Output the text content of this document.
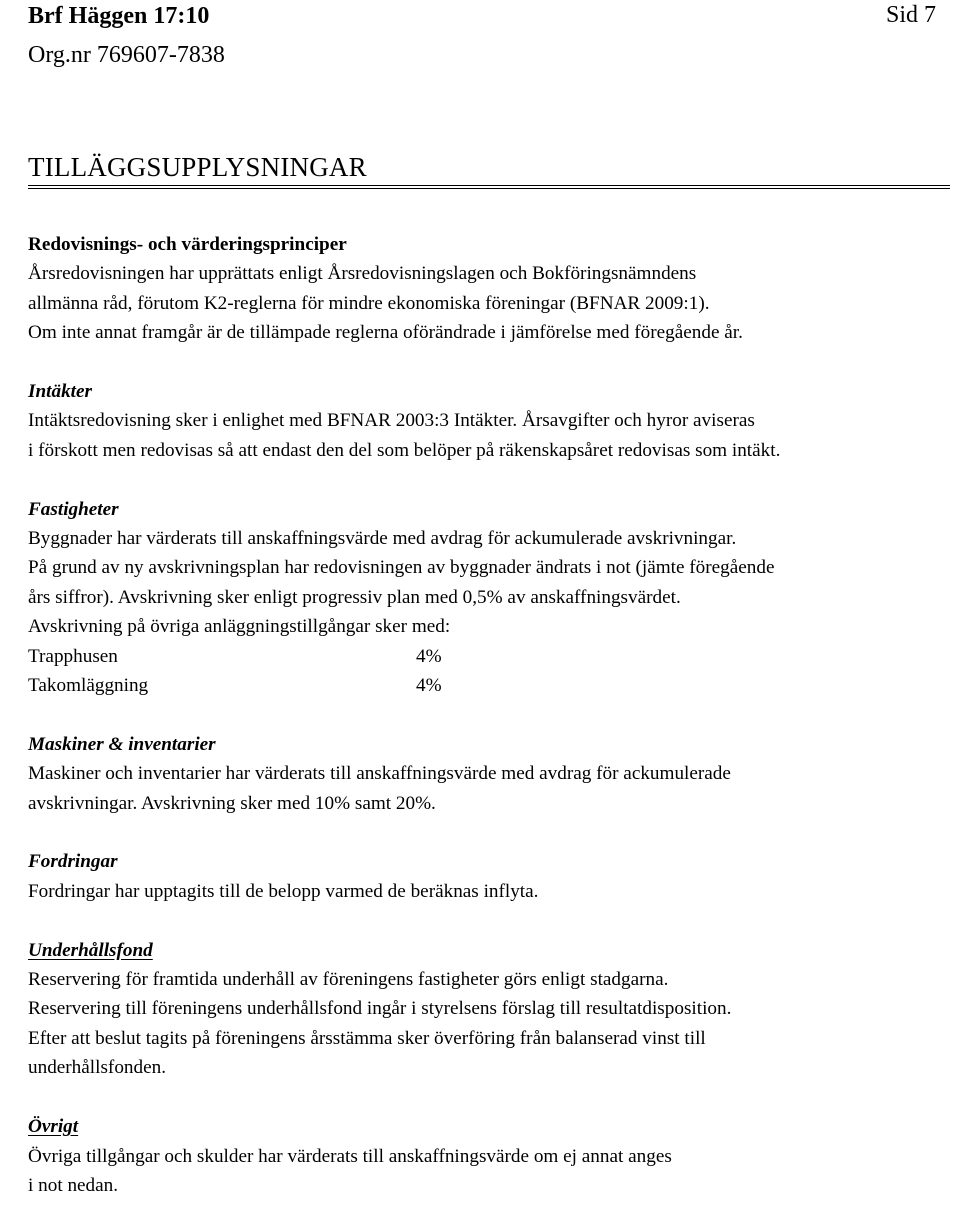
Brf Häggen 17:10
Org.nr 769607-7838
Sid 7
TILLÄGGSUPPLYSNINGAR

Redovisnings- och värderingsprinciper

Årsredovisningen har upprättats enligt Årsredovisningslagen och Bokföringsnämndens

allmänna råd, förutom K2-reglerna för mindre ekonomiska föreningar (BFNAR 2009:1).

Om inte annat framgår är de tillämpade reglerna oförändrade i jämförelse med föregående år.

Intäkter

Intäktsredovisning sker i enlighet med BFNAR 2003:3 Intäkter. Årsavgifter och hyror aviseras

i förskott men redovisas så att endast den del som belöper på räkenskapsåret redovisas som intäkt.

Fastigheter

Byggnader har värderats till anskaffningsvärde med avdrag för ackumulerade avskrivningar.

På grund av ny avskrivningsplan har redovisningen av byggnader ändrats i not (jämte föregående

års siffror). Avskrivning sker enligt progressiv plan med 0,5% av anskaffningsvärdet.

Avskrivning på övriga anläggningstillgångar sker med:

Trapphusen	4%
Takomläggning	4%

Maskiner & inventarier

Maskiner och inventarier har värderats till anskaffningsvärde med avdrag för ackumulerade

avskrivningar. Avskrivning sker med 10% samt 20%.

Fordringar

Fordringar har upptagits till de belopp varmed de beräknas inflyta.

Underhållsfond

Reservering för framtida underhåll av föreningens fastigheter görs enligt stadgarna.

Reservering till föreningens underhållsfond ingår i styrelsens förslag till resultatdisposition.

Efter att beslut tagits på föreningens årsstämma sker överföring från balanserad vinst till

underhållsfonden.

Övrigt

Övriga tillgångar och skulder har värderats till anskaffningsvärde om ej annat anges

i not nedan.
